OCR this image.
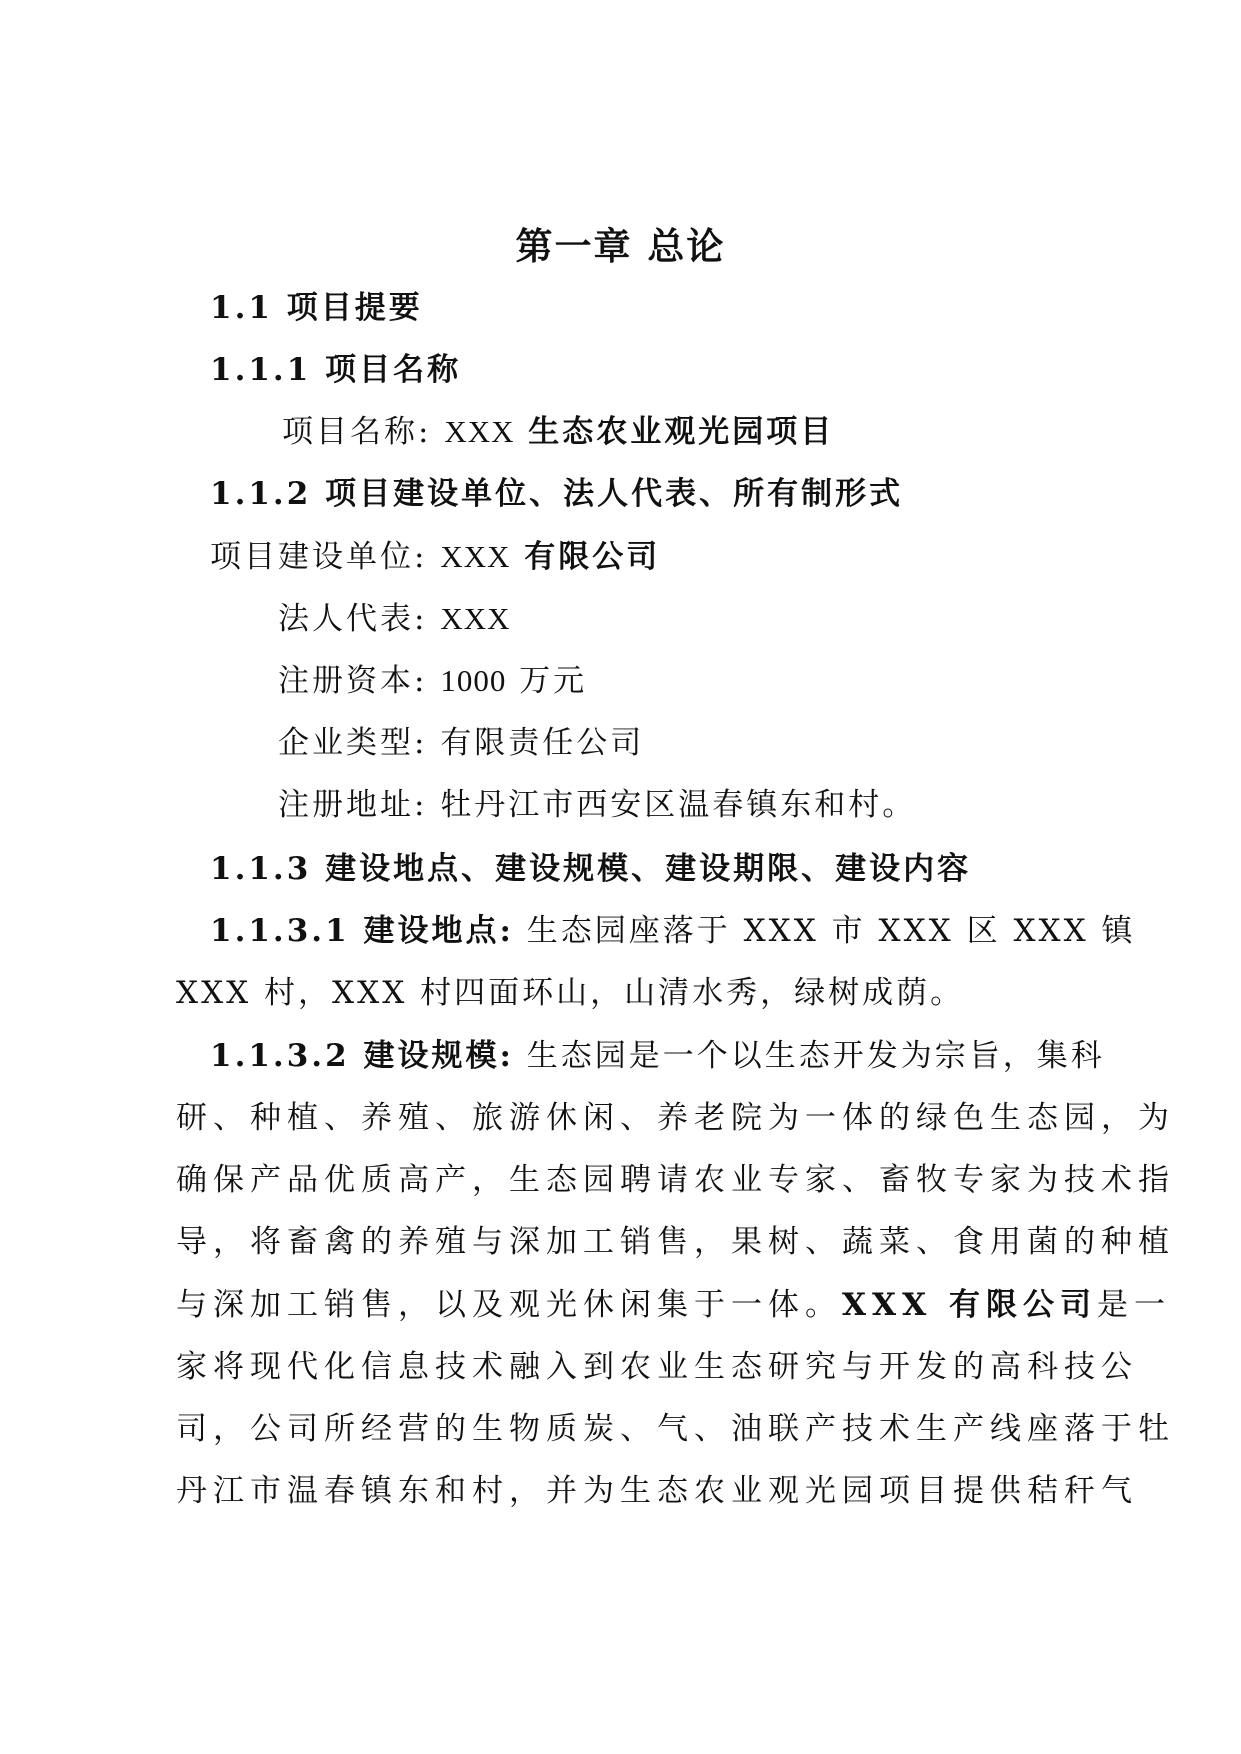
第一章 总论
1.1 项目提要
1.1.1 项目名称
项目名称: XXX 生态农业观光园项目
1.1.2 项目建设单位、法人代表、所有制形式
项目建设单位: XXX 有限公司
法人代表: XXX
注册资本: 1000 万元
企业类型: 有限责任公司
注册地址: 牡丹江市西安区温春镇东和村。
1.1.3 建设地点、建设规模、建设期限、建设内容
1.1.3.1 建设地点: 生态园座落于 XXX 市 XXX 区 XXX 镇
XXX 村，XXX 村四面环山，山清水秀，绿树成荫。
1.1.3.2 建设规模: 生态园是一个以生态开发为宗旨，集科
研、种植、养殖、旅游休闲、养老院为一体的绿色生态园，为
确保产品优质高产，生态园聘请农业专家、畜牧专家为技术指
导，将畜禽的养殖与深加工销售，果树、蔬菜、食用菌的种植
与深加工销售，以及观光休闲集于一体。XXX 有限公司是一
家将现代化信息技术融入到农业生态研究与开发的高科技公
司，公司所经营的生物质炭、气、油联产技术生产线座落于牡
丹江市温春镇东和村，并为生态农业观光园项目提供秸秆气
